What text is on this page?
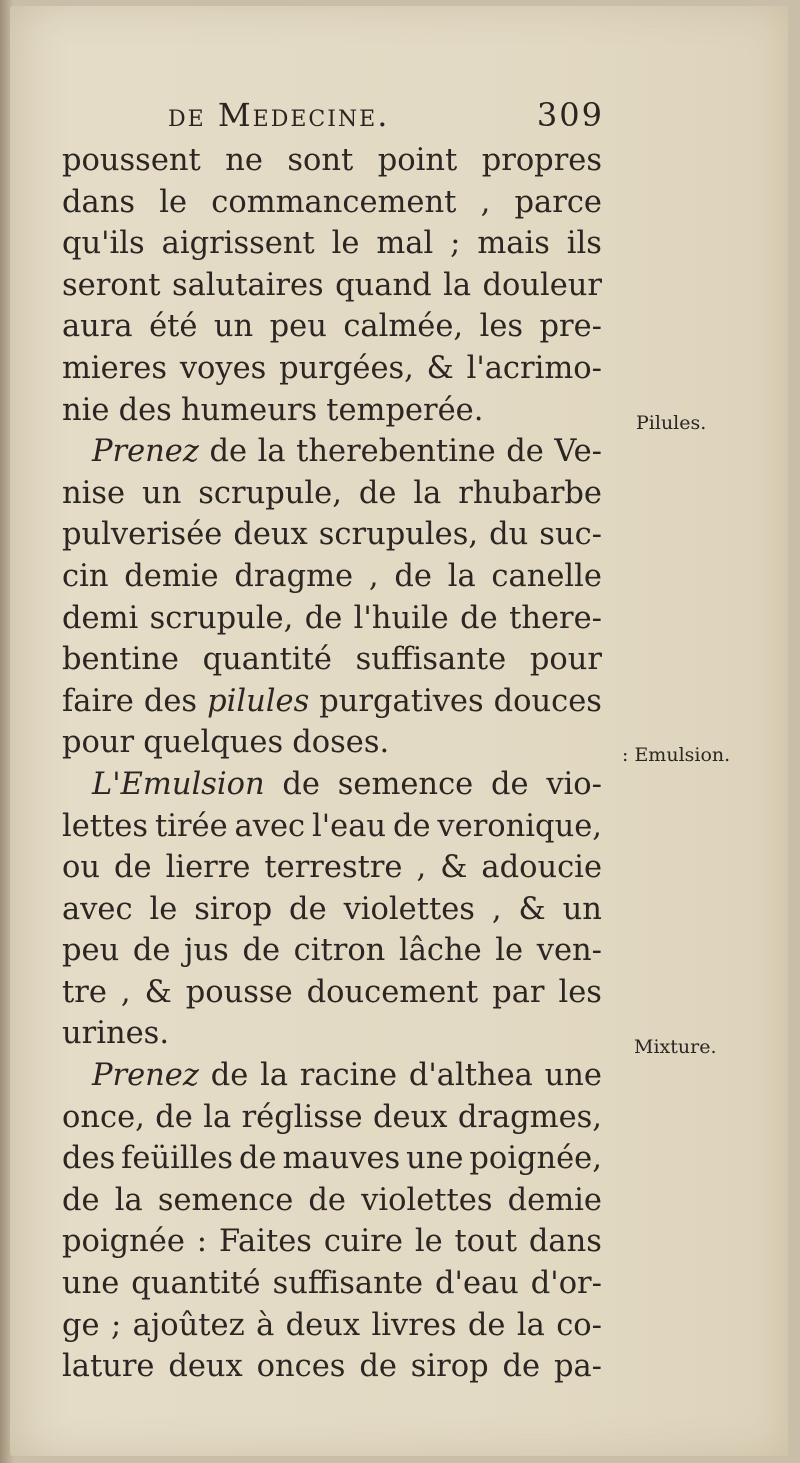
de Medecine.	309
poussent ne sont point propres
dans le commancement , parce
qu'ils aigrissent le mal ; mais ils
seront salutaires quand la douleur
aura été un peu calmée, les pre-
mieres voyes purgées, & l'acrimo-
nie des humeurs temperée.
Prenez de la therebentine de Ve-
nise un scrupule, de la rhubarbe
pulverisée deux scrupules, du suc-
cin demie dragme , de la canelle
demi scrupule, de l'huile de there-
bentine quantité suffisante pour
faire des pilules purgatives douces
pour quelques doses.
L'Emulsion de semence de vio-
lettes tirée avec l'eau de veronique,
ou de lierre terrestre , & adoucie
avec le sirop de violettes , & un
peu de jus de citron lâche le ven-
tre , & pousse doucement par les
urines.
Prenez de la racine d'althea une
once, de la réglisse deux dragmes,
des feüilles de mauves une poignée,
de la semence de violettes demie
poignée : Faites cuire le tout dans
une quantité suffisante d'eau d'or-
ge ; ajoûtez à deux livres de la co-
lature deux onces de sirop de pa-
Pilules.
: Emulsion.
Mixture.
